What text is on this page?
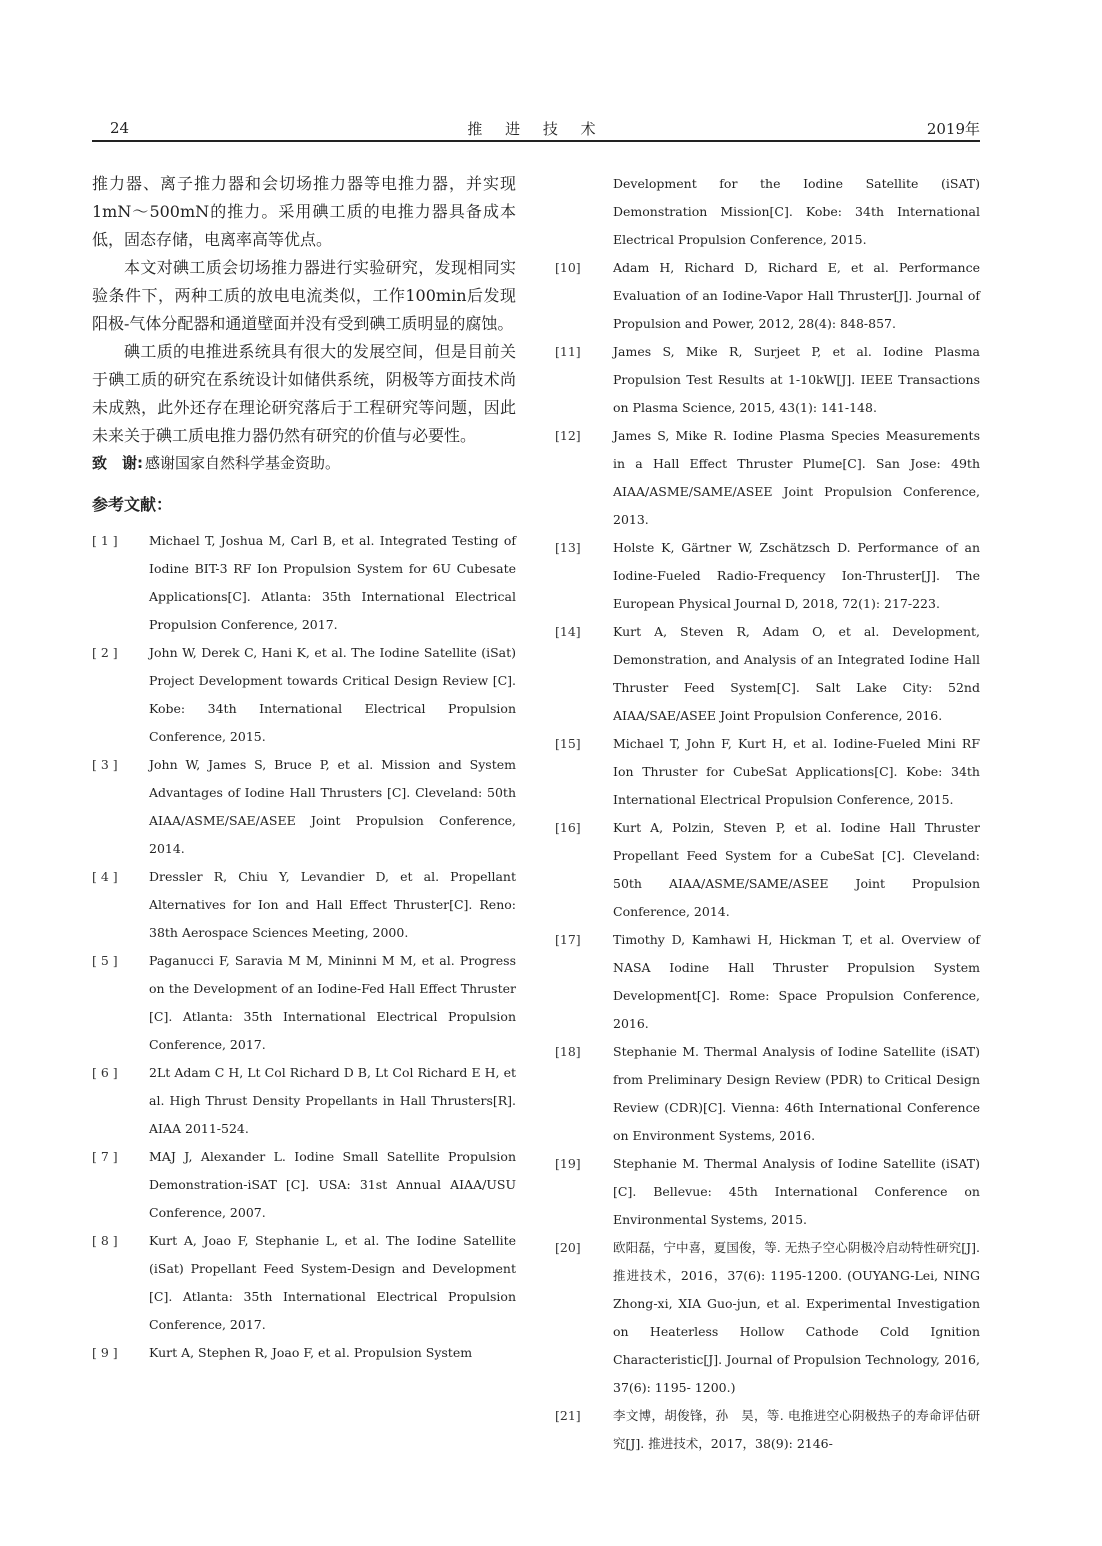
24	推 进 技 术	2019年

推力器、离子推力器和会切场推力器等电推力器，并实现1mN～500mN的推力。采用碘工质的电推力器具备成本低，固态存储，电离率高等优点。

本文对碘工质会切场推力器进行实验研究，发现相同实验条件下，两种工质的放电电流类似，工作100min后发现阳极-气体分配器和通道壁面并没有受到碘工质明显的腐蚀。

碘工质的电推进系统具有很大的发展空间，但是目前关于碘工质的研究在系统设计如储供系统，阴极等方面技术尚未成熟，此外还存在理论研究落后于工程研究等问题，因此未来关于碘工质电推力器仍然有研究的价值与必要性。

致　谢: 感谢国家自然科学基金资助。
参考文献：
[ 1 ]	Michael T, Joshua M, Carl B, et al. Integrated Testing of Iodine BIT-3 RF Ion Propulsion System for 6U Cubesate Applications[C]. Atlanta: 35th International Electrical Propulsion Conference, 2017.
[ 2 ]	John W, Derek C, Hani K, et al. The Iodine Satellite (iSat) Project Development towards Critical Design Review [C]. Kobe: 34th International Electrical Propulsion Conference, 2015.
[ 3 ]	John W, James S, Bruce P, et al. Mission and System Advantages of Iodine Hall Thrusters [C]. Cleveland: 50th AIAA/ASME/SAE/ASEE Joint Propulsion Conference, 2014.
[ 4 ]	Dressler R, Chiu Y, Levandier D, et al. Propellant Alternatives for Ion and Hall Effect Thruster[C]. Reno: 38th Aerospace Sciences Meeting, 2000.
[ 5 ]	Paganucci F, Saravia M M, Mininni M M, et al. Progress on the Development of an Iodine-Fed Hall Effect Thruster [C]. Atlanta: 35th International Electrical Propulsion Conference, 2017.
[ 6 ]	2Lt Adam C H, Lt Col Richard D B, Lt Col Richard E H, et al. High Thrust Density Propellants in Hall Thrusters[R]. AIAA 2011-524.
[ 7 ]	MAJ J, Alexander L. Iodine Small Satellite Propulsion Demonstration-iSAT [C]. USA: 31st Annual AIAA/USU Conference, 2007.
[ 8 ]	Kurt A, Joao F, Stephanie L, et al. The Iodine Satellite (iSat) Propellant Feed System-Design and Development [C]. Atlanta: 35th International Electrical Propulsion Conference, 2017.
[ 9 ]	Kurt A, Stephen R, Joao F, et al. Propulsion System
Development for the Iodine Satellite (iSAT) Demonstration Mission[C]. Kobe: 34th International Electrical Propulsion Conference, 2015.
[10]	Adam H, Richard D, Richard E, et al. Performance Evaluation of an Iodine-Vapor Hall Thruster[J]. Journal of Propulsion and Power, 2012, 28(4): 848-857.
[11]	James S, Mike R, Surjeet P, et al. Iodine Plasma Propulsion Test Results at 1-10kW[J]. IEEE Transactions on Plasma Science, 2015, 43(1): 141-148.
[12]	James S, Mike R. Iodine Plasma Species Measurements in a Hall Effect Thruster Plume[C]. San Jose: 49th AIAA/ASME/SAME/ASEE Joint Propulsion Conference, 2013.
[13]	Holste K, Gärtner W, Zschätzsch D. Performance of an Iodine-Fueled Radio-Frequency Ion-Thruster[J]. The European Physical Journal D, 2018, 72(1): 217-223.
[14]	Kurt A, Steven R, Adam O, et al. Development, Demonstration, and Analysis of an Integrated Iodine Hall Thruster Feed System[C]. Salt Lake City: 52nd AIAA/SAE/ASEE Joint Propulsion Conference, 2016.
[15]	Michael T, John F, Kurt H, et al. Iodine-Fueled Mini RF Ion Thruster for CubeSat Applications[C]. Kobe: 34th International Electrical Propulsion Conference, 2015.
[16]	Kurt A, Polzin, Steven P, et al. Iodine Hall Thruster Propellant Feed System for a CubeSat [C]. Cleveland: 50th AIAA/ASME/SAME/ASEE Joint Propulsion Conference, 2014.
[17]	Timothy D, Kamhawi H, Hickman T, et al. Overview of NASA Iodine Hall Thruster Propulsion System Development[C]. Rome: Space Propulsion Conference, 2016.
[18]	Stephanie M. Thermal Analysis of Iodine Satellite (iSAT) from Preliminary Design Review (PDR) to Critical Design Review (CDR)[C]. Vienna: 46th International Conference on Environment Systems, 2016.
[19]	Stephanie M. Thermal Analysis of Iodine Satellite (iSAT)[C]. Bellevue: 45th International Conference on Environmental Systems, 2015.
[20]	欧阳磊，宁中喜，夏国俊，等. 无热子空心阴极冷启动特性研究[J]. 推进技术，2016，37(6): 1195-1200. (OUYANG-Lei, NING Zhong-xi, XIA Guo-jun, et al. Experimental Investigation on Heaterless Hollow Cathode Cold Ignition Characteristic[J]. Journal of Propulsion Technology, 2016, 37(6): 1195- 1200.)
[21]	李文博，胡俊锋，孙　昊，等. 电推进空心阴极热子的寿命评估研究[J]. 推进技术，2017，38(9): 2146-
